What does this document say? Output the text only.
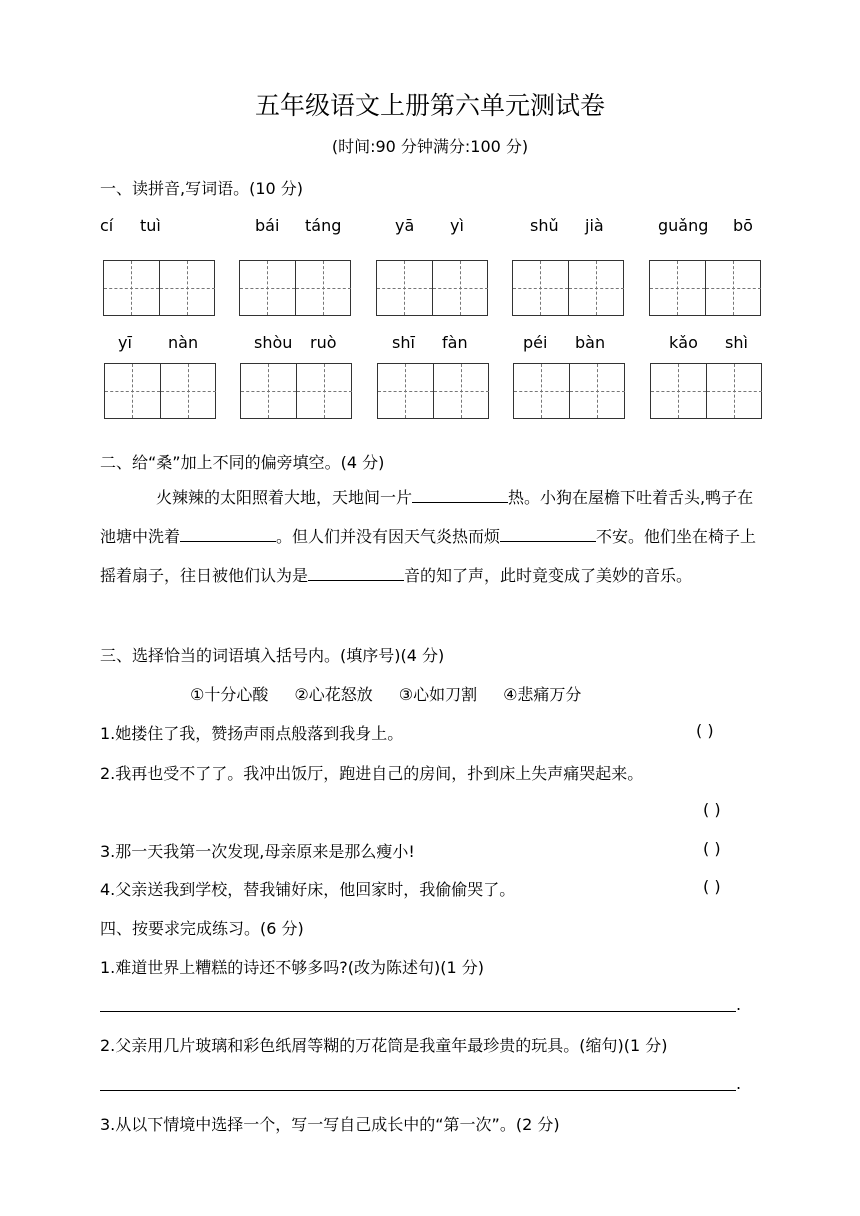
五年级语文上册第六单元测试卷
(时间:90 分钟满分:100 分)
一、读拼音,写词语。(10 分)
cí tuì	bái táng	yā yì	shǔ jià	guǎng bō
yī nàn	shòu ruò	shī fàn	péi bàn	kǎo shì
二、给“桑”加上不同的偏旁填空。(4 分)
火辣辣的太阳照着大地，天地间一片	热。小狗在屋檐下吐着舌头,鸭子在池塘中洗着	。但人们并没有因天气炎热而烦	不安。他们坐在椅子上摇着扇子，往日被他们认为是	音的知了声，此时竟变成了美妙的音乐。
三、选择恰当的词语填入括号内。(填序号)(4 分)
①十分心酸 ②心花怒放 ③心如刀割 ④悲痛万分
1.她搂住了我，赞扬声雨点般落到我身上。	( )
2.我再也受不了了。我冲出饭厅，跑进自己的房间，扑到床上失声痛哭起来。
( )
3.那一天我第一次发现,母亲原来是那么瘦小!	( )
4.父亲送我到学校，替我铺好床，他回家时，我偷偷哭了。	( )
四、按要求完成练习。(6 分)
1.难道世界上糟糕的诗还不够多吗?(改为陈述句)(1 分)
.
2.父亲用几片玻璃和彩色纸屑等糊的万花筒是我童年最珍贵的玩具。(缩句)(1 分)
.
3.从以下情境中选择一个，写一写自己成长中的“第一次”。(2 分)
